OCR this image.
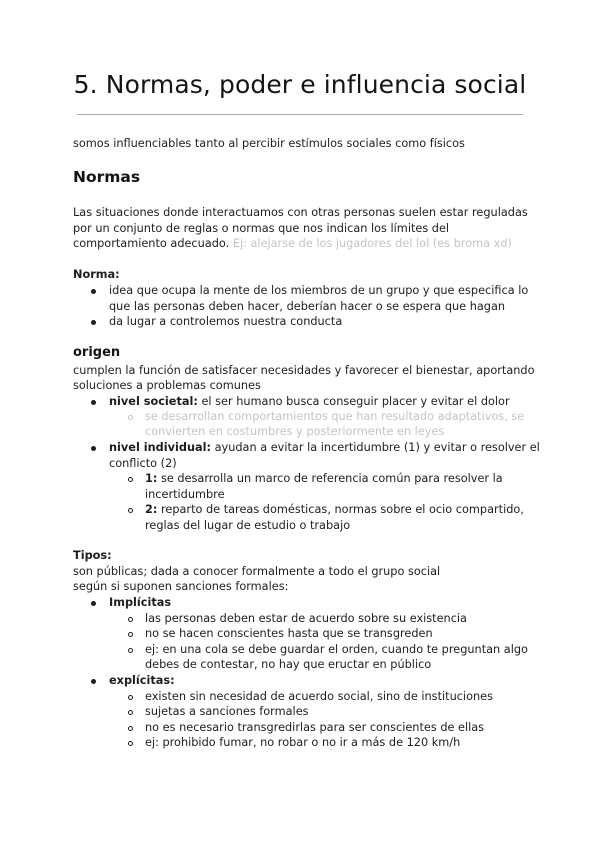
5. Normas, poder e influencia social
somos influenciables tanto al percibir estímulos sociales como físicos
Normas
Las situaciones donde interactuamos con otras personas suelen estar reguladas
por un conjunto de reglas o normas que nos indican los límites del
comportamiento adecuado. Ej: alejarse de los jugadores del lol (es broma xd)
Norma:
idea que ocupa la mente de los miembros de un grupo y que especifica lo
que las personas deben hacer, deberían hacer o se espera que hagan
da lugar a controlemos nuestra conducta
origen
cumplen la función de satisfacer necesidades y favorecer el bienestar, aportando
soluciones a problemas comunes
nivel societal: el ser humano busca conseguir placer y evitar el dolor
se desarrollan comportamientos que han resultado adaptativos, se
convierten en costumbres y posteriormente en leyes
nivel individual: ayudan a evitar la incertidumbre (1) y evitar o resolver el
conflicto (2)
1: se desarrolla un marco de referencia común para resolver la
incertidumbre
2: reparto de tareas domésticas, normas sobre el ocio compartido,
reglas del lugar de estudio o trabajo
Tipos:
son públicas; dada a conocer formalmente a todo el grupo social
según si suponen sanciones formales:
Implícitas
las personas deben estar de acuerdo sobre su existencia
no se hacen conscientes hasta que se transgreden
ej: en una cola se debe guardar el orden, cuando te preguntan algo
debes de contestar, no hay que eructar en público
explícitas:
existen sin necesidad de acuerdo social, sino de instituciones
sujetas a sanciones formales
no es necesario transgredirlas para ser conscientes de ellas
ej: prohibido fumar, no robar o no ir a más de 120 km/h
